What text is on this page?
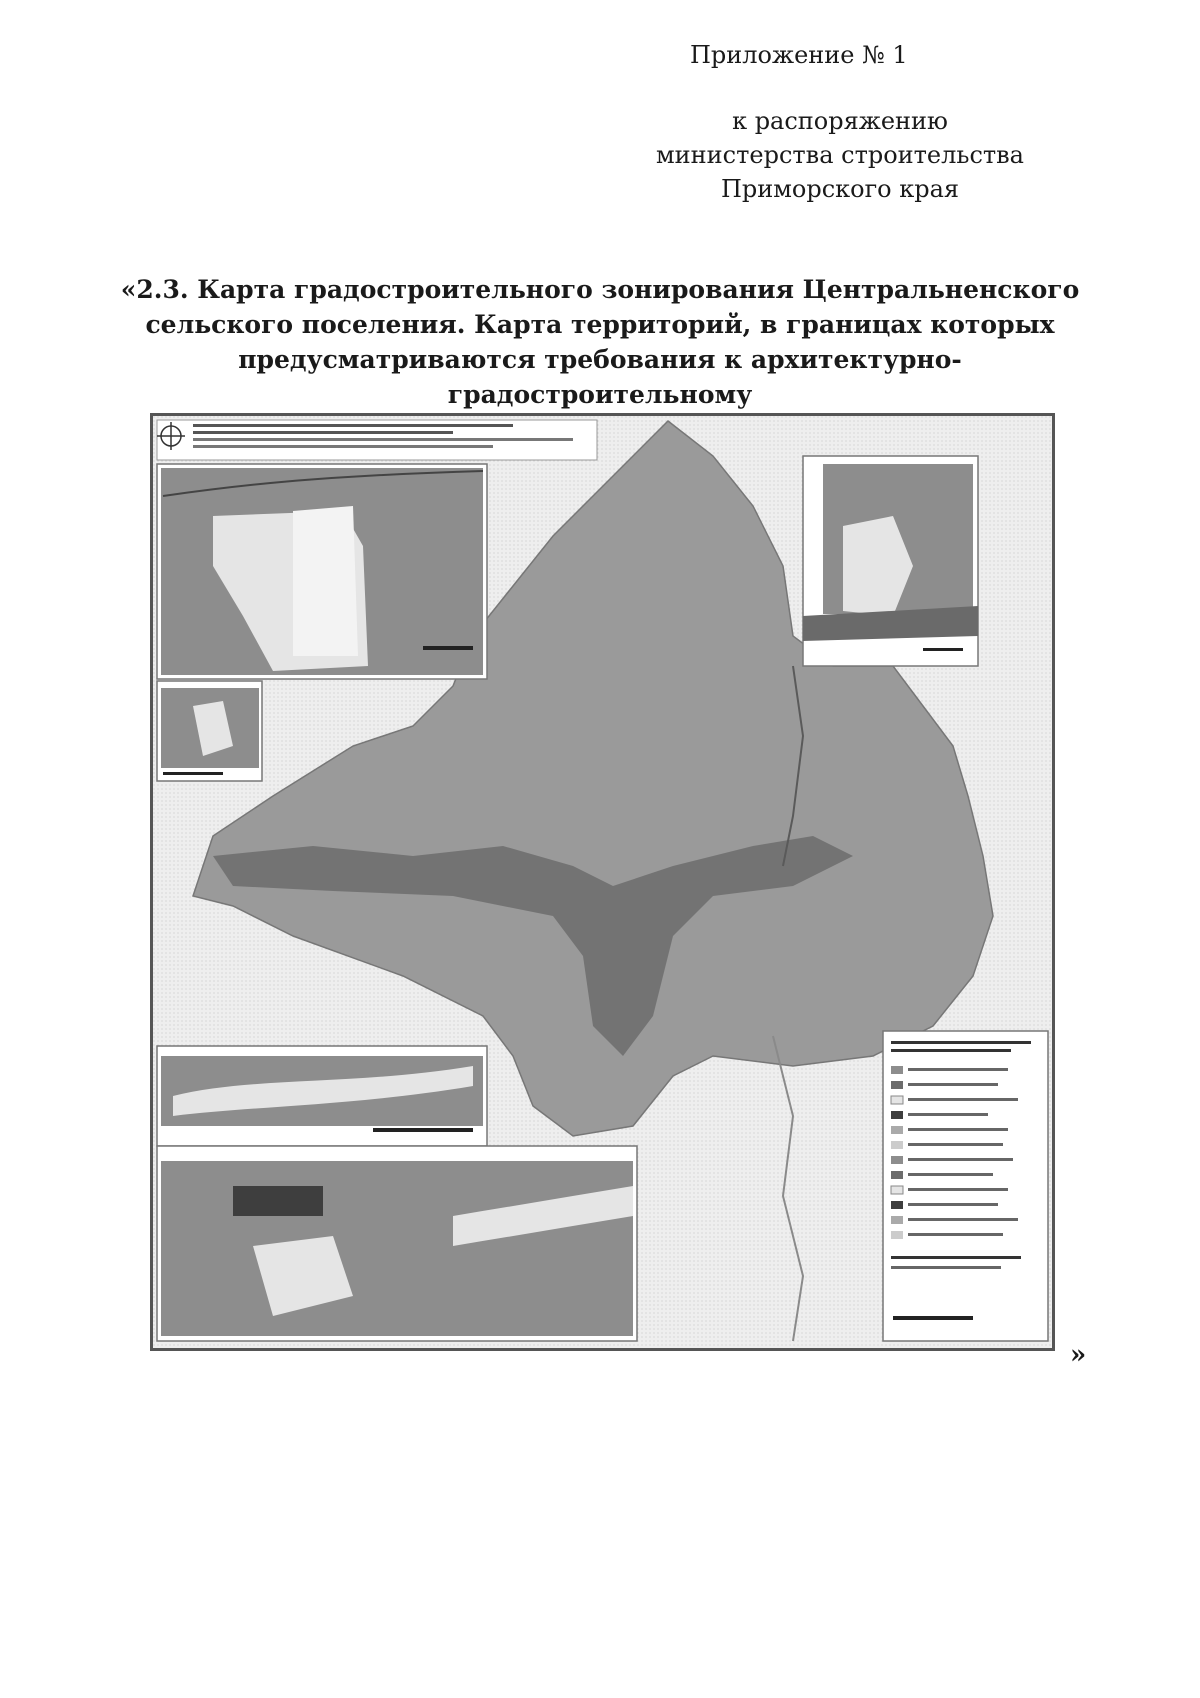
Приложение № 1
к распоряжению
министерства строительства
Приморского края
«2.3. Карта градостроительного зонирования Центральненского
сельского поселения. Карта территорий, в границах которых
предусматриваются требования к архитектурно-градостроительному
»
